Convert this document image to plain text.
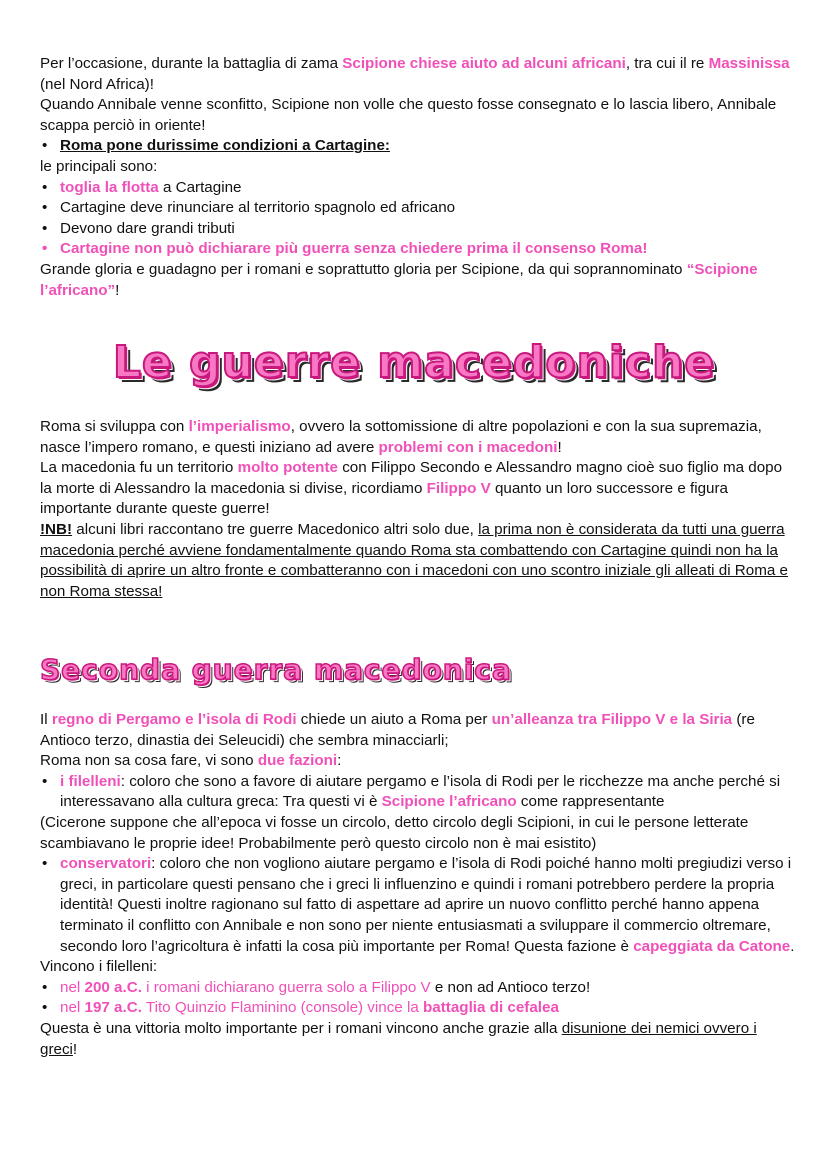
Per l’occasione, durante la battaglia di zama Scipione chiese aiuto ad alcuni africani, tra cui il re Massinissa (nel Nord Africa)!

Quando Annibale venne sconfitto, Scipione non volle che questo fosse consegnato e lo lascia libero, Annibale scappa perciò in oriente!

• Roma pone durissime condizioni a Cartagine:

le principali sono:

• toglia la flotta a Cartagine

• Cartagine deve rinunciare al territorio spagnolo ed africano

• Devono dare grandi tributi

• Cartagine non può dichiarare più guerra senza chiedere prima il consenso Roma!

Grande gloria e guadagno per i romani e soprattutto gloria per Scipione, da qui soprannominato “Scipione l’africano”!

Le guerre macedoniche

Roma si sviluppa con l’imperialismo, ovvero la sottomissione di altre popolazioni e con la sua supremazia, nasce l’impero romano, e questi iniziano ad avere problemi con i macedoni!

La macedonia fu un territorio molto potente con Filippo Secondo e Alessandro magno cioè suo figlio ma dopo la morte di Alessandro la macedonia si divise, ricordiamo Filippo V quanto un loro successore e figura importante durante queste guerre!

!NB! alcuni libri raccontano tre guerre Macedonico altri solo due, la prima non è considerata da tutti una guerra macedonia perché avviene fondamentalmente quando Roma sta combattendo con Cartagine quindi non ha la possibilità di aprire un altro fronte e combatteranno con i macedoni con uno scontro iniziale gli alleati di Roma e non Roma stessa!

Seconda guerra macedonica

Il regno di Pergamo e l’isola di Rodi chiede un aiuto a Roma per un’alleanza tra Filippo V e la Siria (re Antioco terzo, dinastia dei Seleucidi) che sembra minacciarli;

Roma non sa cosa fare, vi sono due fazioni:

• i filelleni: coloro che sono a favore di aiutare pergamo e l’isola di Rodi per le ricchezze ma anche perché si interessavano alla cultura greca: Tra questi vi è Scipione l’africano come rappresentante

(Cicerone suppone che all’epoca vi fosse un circolo, detto circolo degli Scipioni, in cui le persone letterate scambiavano le proprie idee! Probabilmente però questo circolo non è mai esistito)

• conservatori: coloro che non vogliono aiutare pergamo e l’isola di Rodi poiché hanno molti pregiudizi verso i greci, in particolare questi pensano che i greci li influenzino e quindi i romani potrebbero perdere la propria identità! Questi inoltre ragionano sul fatto di aspettare ad aprire un nuovo conflitto perché hanno appena terminato il conflitto con Annibale e non sono per niente entusiasmati a sviluppare il commercio oltremare, secondo loro l’agricoltura è infatti la cosa più importante per Roma! Questa fazione è capeggiata da Catone.

Vincono i filelleni:

• nel 200 a.C. i romani dichiarano guerra solo a Filippo V e non ad Antioco terzo!

• nel 197 a.C. Tito Quinzio Flaminino (console) vince la battaglia di cefalea

Questa è una vittoria molto importante per i romani vincono anche grazie alla disunione dei nemici ovvero i greci!
